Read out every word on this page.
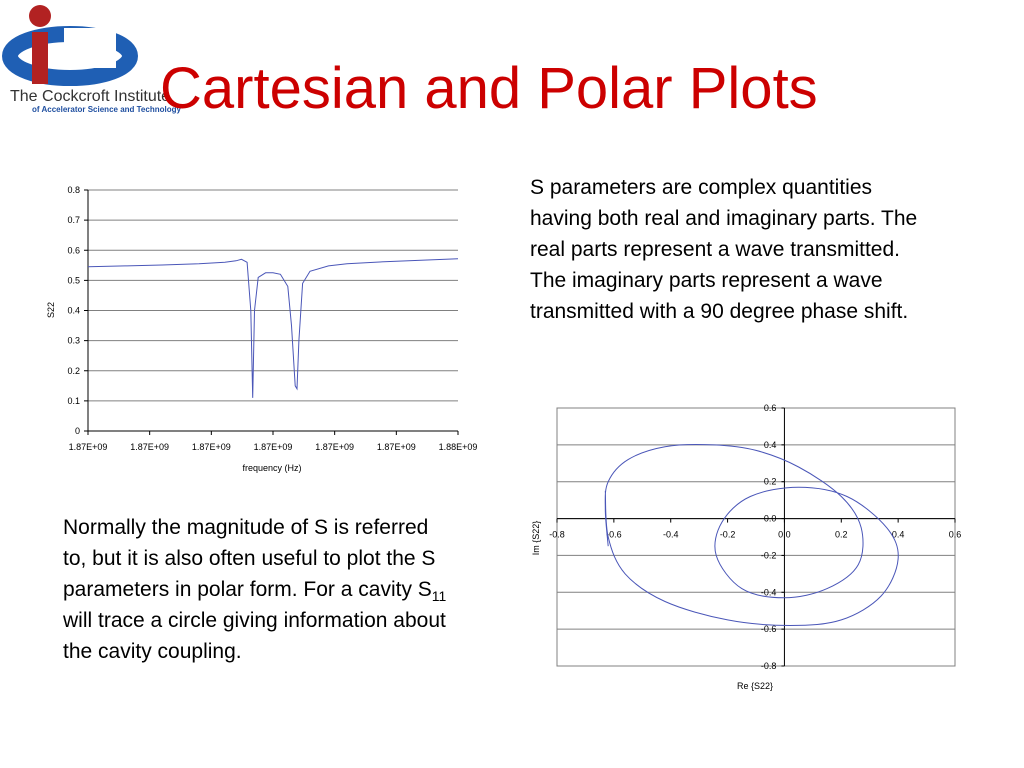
The Cockcroft Institute
of Accelerator Science and Technology
Cartesian and Polar Plots

S parameters are complex quantities having both real and imaginary parts. The real parts represent a wave transmitted. The imaginary parts represent a wave transmitted with a 90 degree phase shift.

Normally the magnitude of S is referred to, but it is also often useful to plot the S parameters in polar form. For a cavity $S_{11}$ will trace a circle giving information about the cavity coupling.

0
0.1
0.2
0.3
0.4
0.5
0.6
0.7
0.8
1.87E+09	1.87E+09	1.87E+09	1.87E+09	1.87E+09	1.87E+09	1.88E+09
frequency (Hz)
S22
0.6
0.4
0.2
0.0
-0.2
-0.4
-0.6
-0.8
-0.8	-0.6	-0.4	-0.2	0.0	0.2	0.4	0.6
Re {S22}
Im {S22}
